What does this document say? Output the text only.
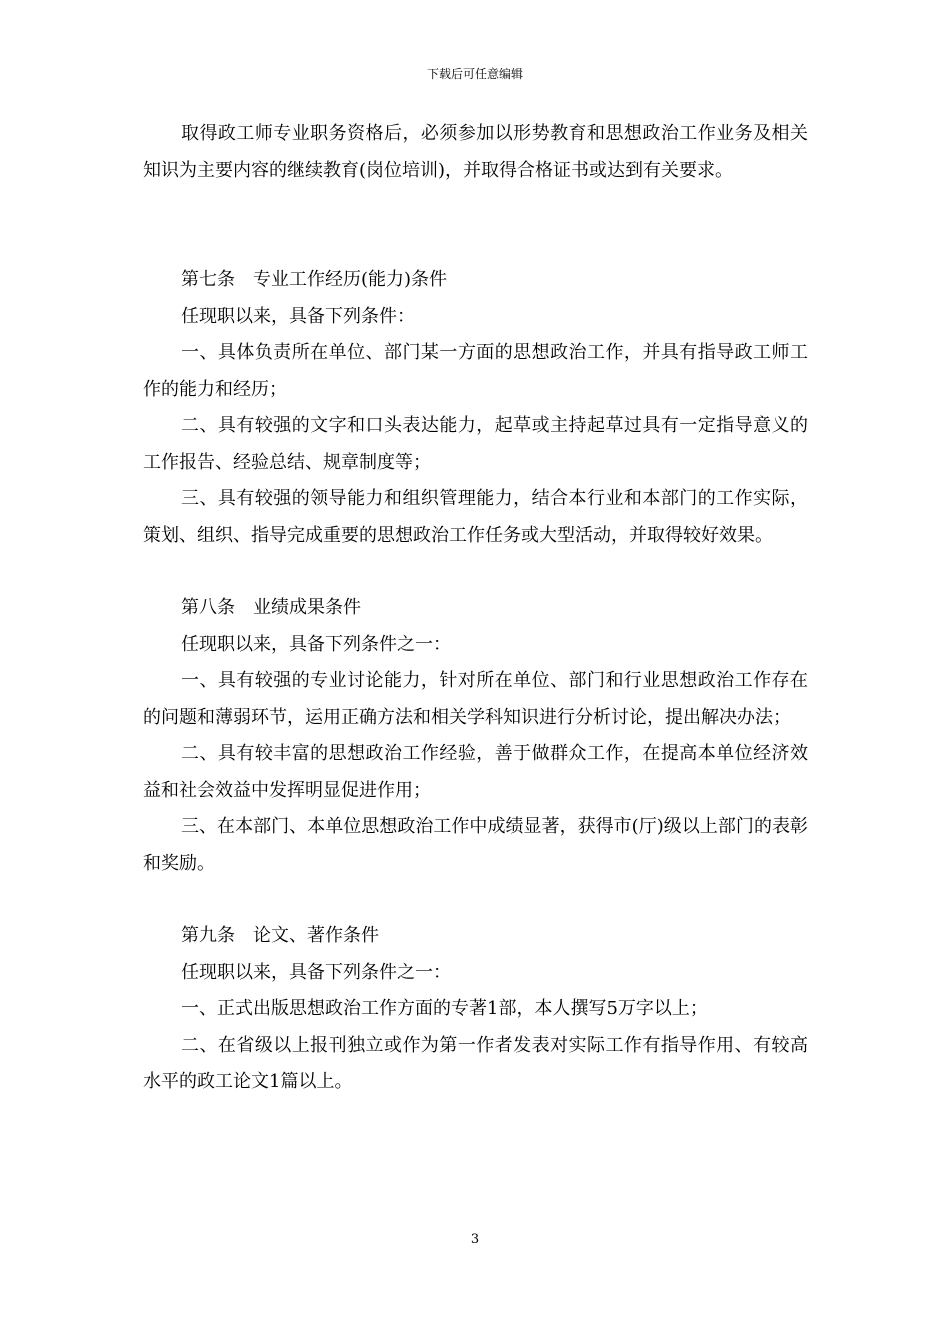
下载后可任意编辑

取得政工师专业职务资格后，必须参加以形势教育和思想政治工作业务及相关知识为主要内容的继续教育(岗位培训)，并取得合格证书或达到有关要求。

第七条　专业工作经历(能力)条件

任现职以来，具备下列条件：

一、具体负责所在单位、部门某一方面的思想政治工作，并具有指导政工师工作的能力和经历；

二、具有较强的文字和口头表达能力，起草或主持起草过具有一定指导意义的工作报告、经验总结、规章制度等；

三、具有较强的领导能力和组织管理能力，结合本行业和本部门的工作实际，策划、组织、指导完成重要的思想政治工作任务或大型活动，并取得较好效果。

第八条　业绩成果条件

任现职以来，具备下列条件之一：

一、具有较强的专业讨论能力，针对所在单位、部门和行业思想政治工作存在的问题和薄弱环节，运用正确方法和相关学科知识进行分析讨论，提出解决办法；

二、具有较丰富的思想政治工作经验，善于做群众工作，在提高本单位经济效益和社会效益中发挥明显促进作用；

三、在本部门、本单位思想政治工作中成绩显著，获得市(厅)级以上部门的表彰和奖励。

第九条　论文、著作条件

任现职以来，具备下列条件之一：

一、正式出版思想政治工作方面的专著1部，本人撰写5万字以上；

二、在省级以上报刊独立或作为第一作者发表对实际工作有指导作用、有较高水平的政工论文1篇以上。

3
